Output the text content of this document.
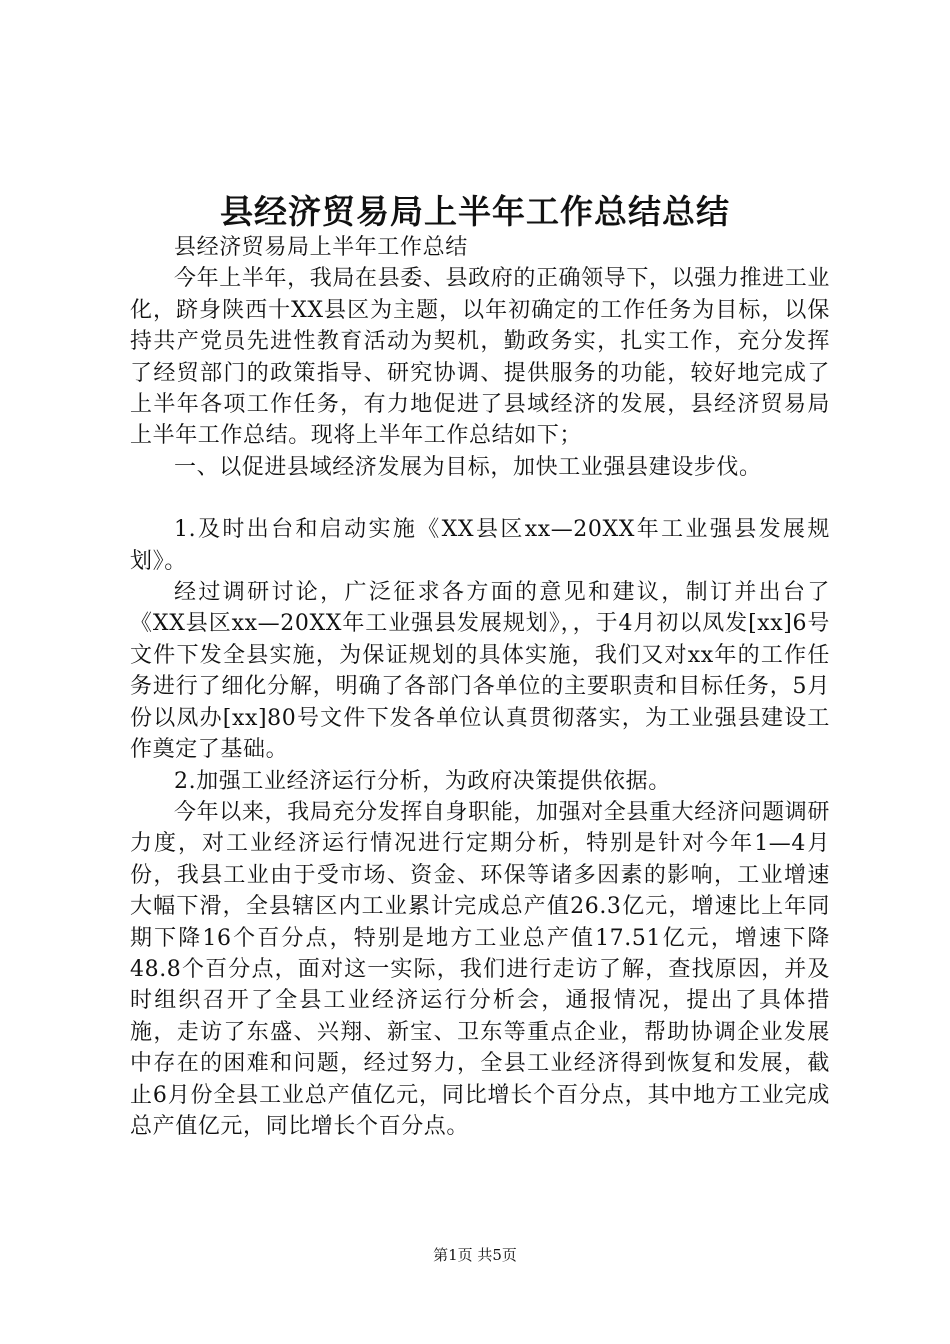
县经济贸易局上半年工作总结总结

县经济贸易局上半年工作总结

今年上半年，我局在县委、县政府的正确领导下，以强力推进工业化，跻身陕西十XX县区为主题，以年初确定的工作任务为目标，以保持共产党员先进性教育活动为契机，勤政务实，扎实工作，充分发挥了经贸部门的政策指导、研究协调、提供服务的功能，较好地完成了上半年各项工作任务，有力地促进了县域经济的发展，县经济贸易局上半年工作总结。现将上半年工作总结如下；

一、以促进县域经济发展为目标，加快工业强县建设步伐。

1.及时出台和启动实施《XX县区xx—20XX年工业强县发展规划》。

经过调研讨论，广泛征求各方面的意见和建议，制订并出台了《XX县区xx—20XX年工业强县发展规划》，，于4月初以凤发[xx]6号文件下发全县实施，为保证规划的具体实施，我们又对xx年的工作任务进行了细化分解，明确了各部门各单位的主要职责和目标任务，5月份以凤办[xx]80号文件下发各单位认真贯彻落实，为工业强县建设工作奠定了基础。

2.加强工业经济运行分析，为政府决策提供依据。

今年以来，我局充分发挥自身职能，加强对全县重大经济问题调研力度，对工业经济运行情况进行定期分析，特别是针对今年1—4月份，我县工业由于受市场、资金、环保等诸多因素的影响，工业增速大幅下滑，全县辖区内工业累计完成总产值26.3亿元，增速比上年同期下降16个百分点，特别是地方工业总产值17.51亿元，增速下降48.8个百分点，面对这一实际，我们进行走访了解，查找原因，并及时组织召开了全县工业经济运行分析会，通报情况，提出了具体措施，走访了东盛、兴翔、新宝、卫东等重点企业，帮助协调企业发展中存在的困难和问题，经过努力，全县工业经济得到恢复和发展，截止6月份全县工业总产值亿元，同比增长个百分点，其中地方工业完成总产值亿元，同比增长个百分点。

第1页 共5页
